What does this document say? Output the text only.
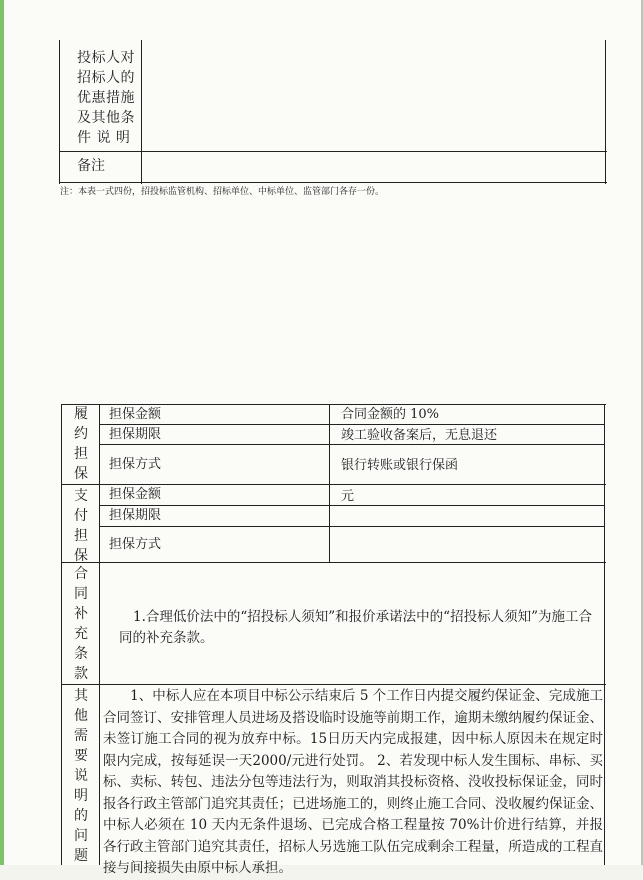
投标人对
招标人的
优惠措施
及其他条
件 说 明
备注
注：本表一式四份，招投标监管机构、招标单位、中标单位、监管部门各存一份。
履
约
担
保
担保金额	合同金额的 10%
担保期限	竣工验收备案后，无息退还
担保方式	银行转账或银行保函
支
付
担
保
担保金额	元
担保期限
担保方式
合
同
补
充
条
款
1.合理低价法中的“招投标人须知”和报价承诺法中的“招投标人须知”为施工合同的补充条款。
其
他
需
要
说
明
的
问
题
　　1、中标人应在本项目中标公示结束后 5 个工作日内提交履约保证金、完成施工合同签订、安排管理人员进场及搭设临时设施等前期工作，逾期未缴纳履约保证金、未签订施工合同的视为放弃中标。15日历天内完成报建，因中标人原因未在规定时限内完成，按每延误一天2000/元进行处罚。 2、若发现中标人发生围标、串标、买标、卖标、转包、违法分包等违法行为，则取消其投标资格、没收投标保证金，同时报各行政主管部门追究其责任；已进场施工的，则终止施工合同、没收履约保证金、中标人必须在 10 天内无条件退场、已完成合格工程量按 70%计价进行结算，并报各行政主管部门追究其责任，招标人另选施工队伍完成剩余工程量，所造成的工程直接与间接损失由原中标人承担。
